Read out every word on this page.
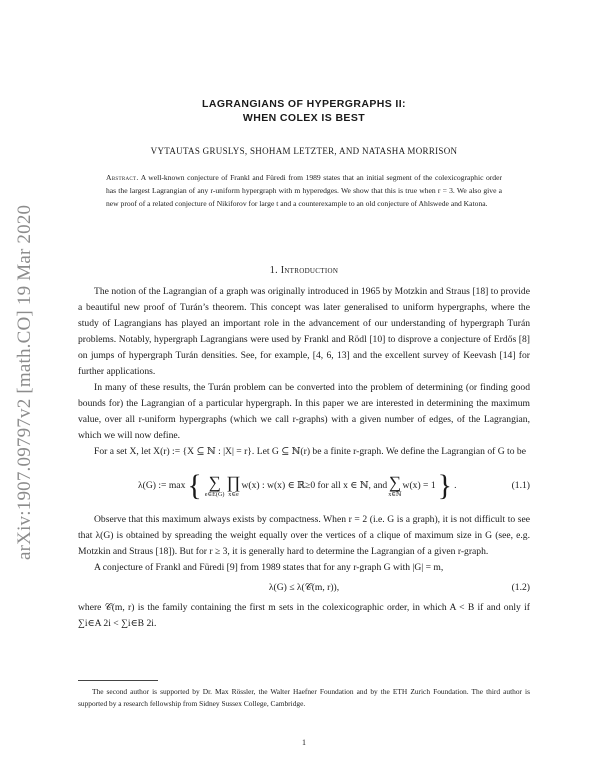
arXiv:1907.09797v2 [math.CO] 19 Mar 2020
LAGRANGIANS OF HYPERGRAPHS II:
WHEN COLEX IS BEST
VYTAUTAS GRUSLYS, SHOHAM LETZTER, AND NATASHA MORRISON
Abstract. A well-known conjecture of Frankl and Füredi from 1989 states that an initial segment of the colexicographic order has the largest Lagrangian of any r-uniform hypergraph with m hyperedges. We show that this is true when r = 3. We also give a new proof of a related conjecture of Nikiforov for large t and a counterexample to an old conjecture of Ahlswede and Katona.
1. Introduction

The notion of the Lagrangian of a graph was originally introduced in 1965 by Motzkin and Straus [18] to provide a beautiful new proof of Turán’s theorem. This concept was later generalised to uniform hypergraphs, where the study of Lagrangians has played an important role in the advancement of our understanding of hypergraph Turán problems. Notably, hypergraph Lagrangians were used by Frankl and Rödl [10] to disprove a conjecture of Erdős [8] on jumps of hypergraph Turán densities. See, for example, [4, 6, 13] and the excellent survey of Keevash [14] for further applications.

In many of these results, the Turán problem can be converted into the problem of determining (or finding good bounds for) the Lagrangian of a particular hypergraph. In this paper we are interested in determining the maximum value, over all r-uniform hypergraphs (which we call r-graphs) with a given number of edges, of the Lagrangian, which we will now define.

For a set X, let X(r) := {X ⊆ ℕ : |X| = r}. Let G ⊆ ℕ(r) be a finite r-graph. We define the Lagrangian of G to be

λ(G) := max { ∑
e∈E(G)
∏
x∈e
w(x) : w(x) ∈ ℝ≥0 for all x ∈ ℕ, and ∑
x∈ℕ
w(x) = 1 } .	(1.1)

Observe that this maximum always exists by compactness. When r = 2 (i.e. G is a graph), it is not difficult to see that λ(G) is obtained by spreading the weight equally over the vertices of a clique of maximum size in G (see, e.g. Motzkin and Straus [18]). But for r ≥ 3, it is generally hard to determine the Lagrangian of a given r-graph.

A conjecture of Frankl and Füredi [9] from 1989 states that for any r-graph G with |G| = m,

λ(G) ≤ λ(𝒞(m, r)),	(1.2)

where 𝒞(m, r) is the family containing the first m sets in the colexicographic order, in which A < B if and only if ∑i∈A 2i < ∑i∈B 2i.

The second author is supported by Dr. Max Rössler, the Walter Haefner Foundation and by the ETH Zurich Foundation. The third author is supported by a research fellowship from Sidney Sussex College, Cambridge.
1
